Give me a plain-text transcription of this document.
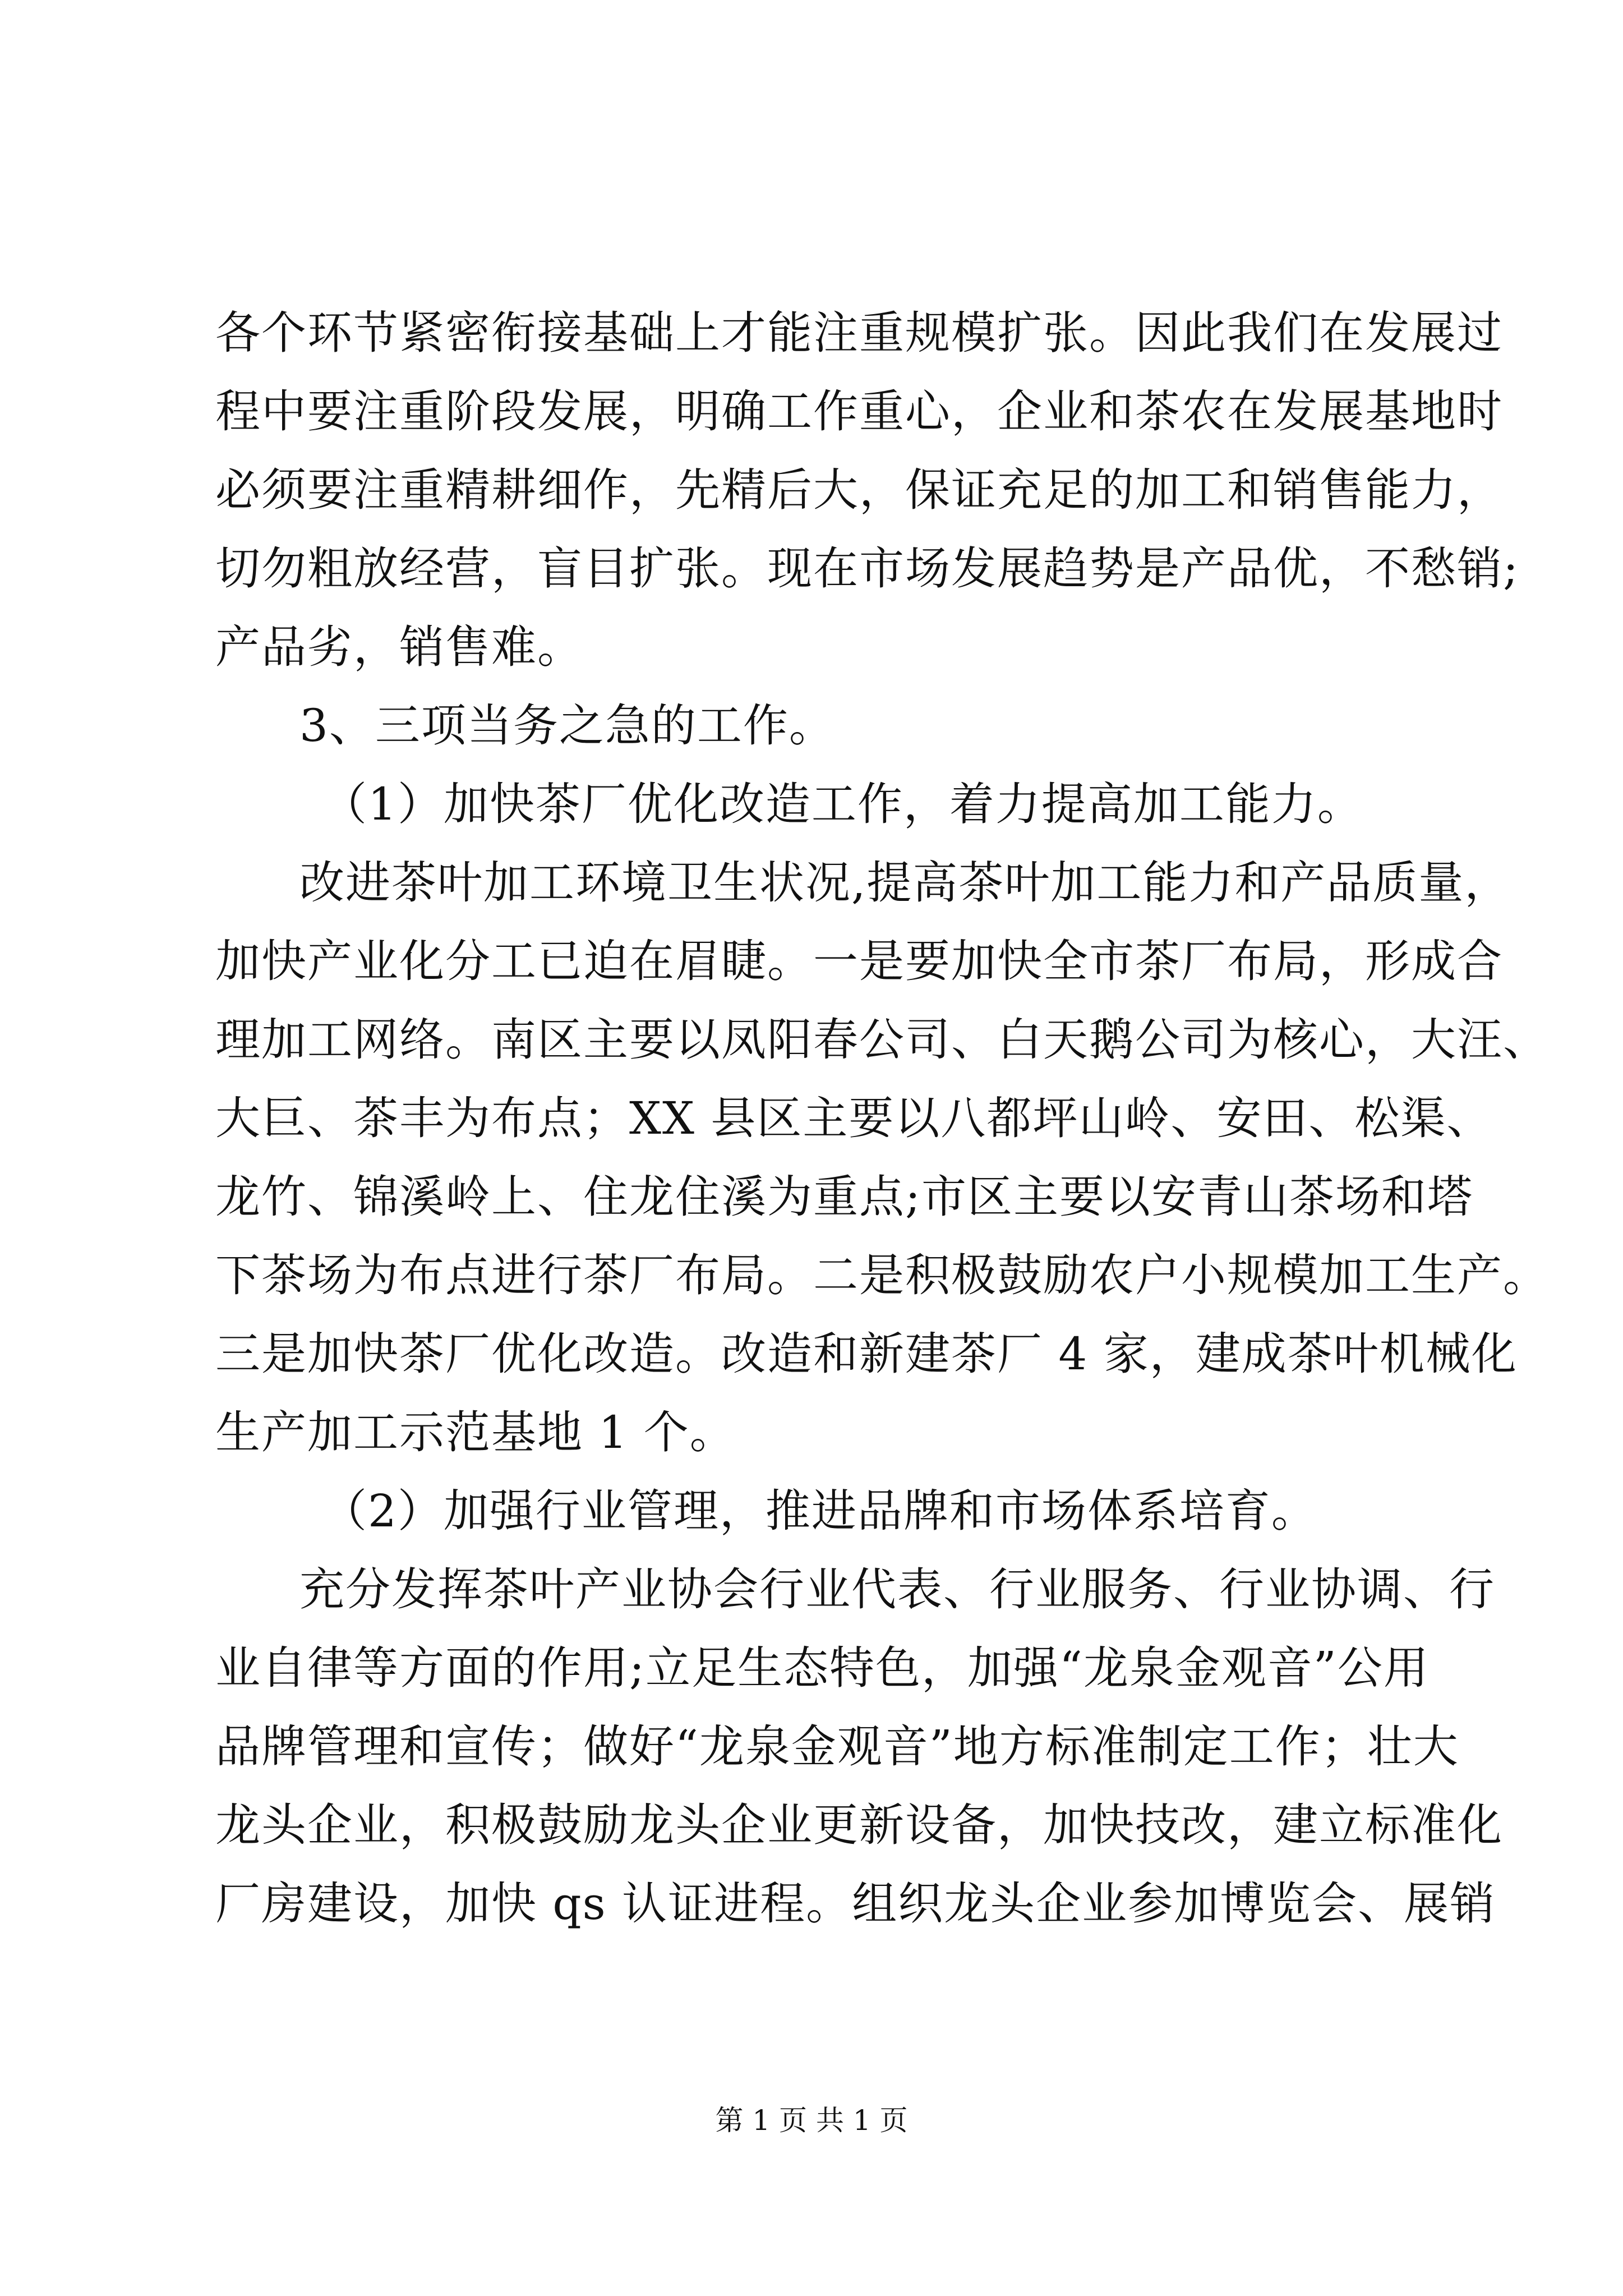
各个环节紧密衔接基础上才能注重规模扩张。因此我们在发展过
程中要注重阶段发展，明确工作重心，企业和茶农在发展基地时
必须要注重精耕细作，先精后大，保证充足的加工和销售能力，
切勿粗放经营，盲目扩张。现在市场发展趋势是产品优，不愁销;
产品劣，销售难。
3、三项当务之急的工作。
（1）加快茶厂优化改造工作，着力提高加工能力。
改进茶叶加工环境卫生状况,提高茶叶加工能力和产品质量，
加快产业化分工已迫在眉睫。一是要加快全市茶厂布局，形成合
理加工网络。南区主要以凤阳春公司、白天鹅公司为核心，大汪、
大巨、茶丰为布点；XX 县区主要以八都坪山岭、安田、松渠、
龙竹、锦溪岭上、住龙住溪为重点;市区主要以安青山茶场和塔
下茶场为布点进行茶厂布局。二是积极鼓励农户小规模加工生产。
三是加快茶厂优化改造。改造和新建茶厂 4 家，建成茶叶机械化
生产加工示范基地 1 个。
（2）加强行业管理，推进品牌和市场体系培育。
充分发挥茶叶产业协会行业代表、行业服务、行业协调、行
业自律等方面的作用;立足生态特色，加强“龙泉金观音”公用
品牌管理和宣传；做好“龙泉金观音”地方标准制定工作；壮大
龙头企业，积极鼓励龙头企业更新设备，加快技改，建立标准化
厂房建设，加快 qs 认证进程。组织龙头企业参加博览会、展销
第 1 页 共 1 页
